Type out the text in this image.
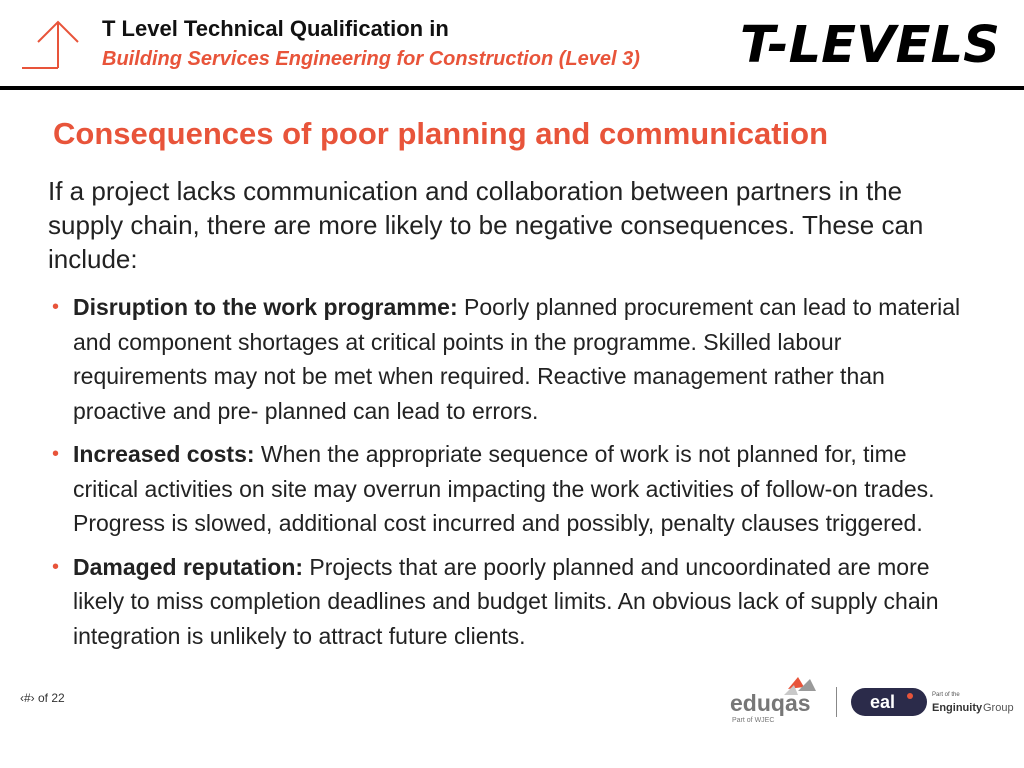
T Level Technical Qualification in
Building Services Engineering for Construction (Level 3) T-LEVELS
Consequences of poor planning and communication
If a project lacks communication and collaboration between partners in the supply chain, there are more likely to be negative consequences. These can include:
• Disruption to the work programme: Poorly planned procurement can lead to material and component shortages at critical points in the programme. Skilled labour requirements may not be met when required. Reactive management rather than proactive and pre- planned can lead to errors.
• Increased costs: When the appropriate sequence of work is not planned for, time critical activities on site may overrun impacting the work activities of follow-on trades. Progress is slowed, additional cost incurred and possibly, penalty clauses triggered.
• Damaged reputation: Projects that are poorly planned and uncoordinated are more likely to miss completion deadlines and budget limits. An obvious lack of supply chain integration is unlikely to attract future clients.
‹#› of 22	eduqas
Part of WJEC
eal	Part of the
Enginuity Group
